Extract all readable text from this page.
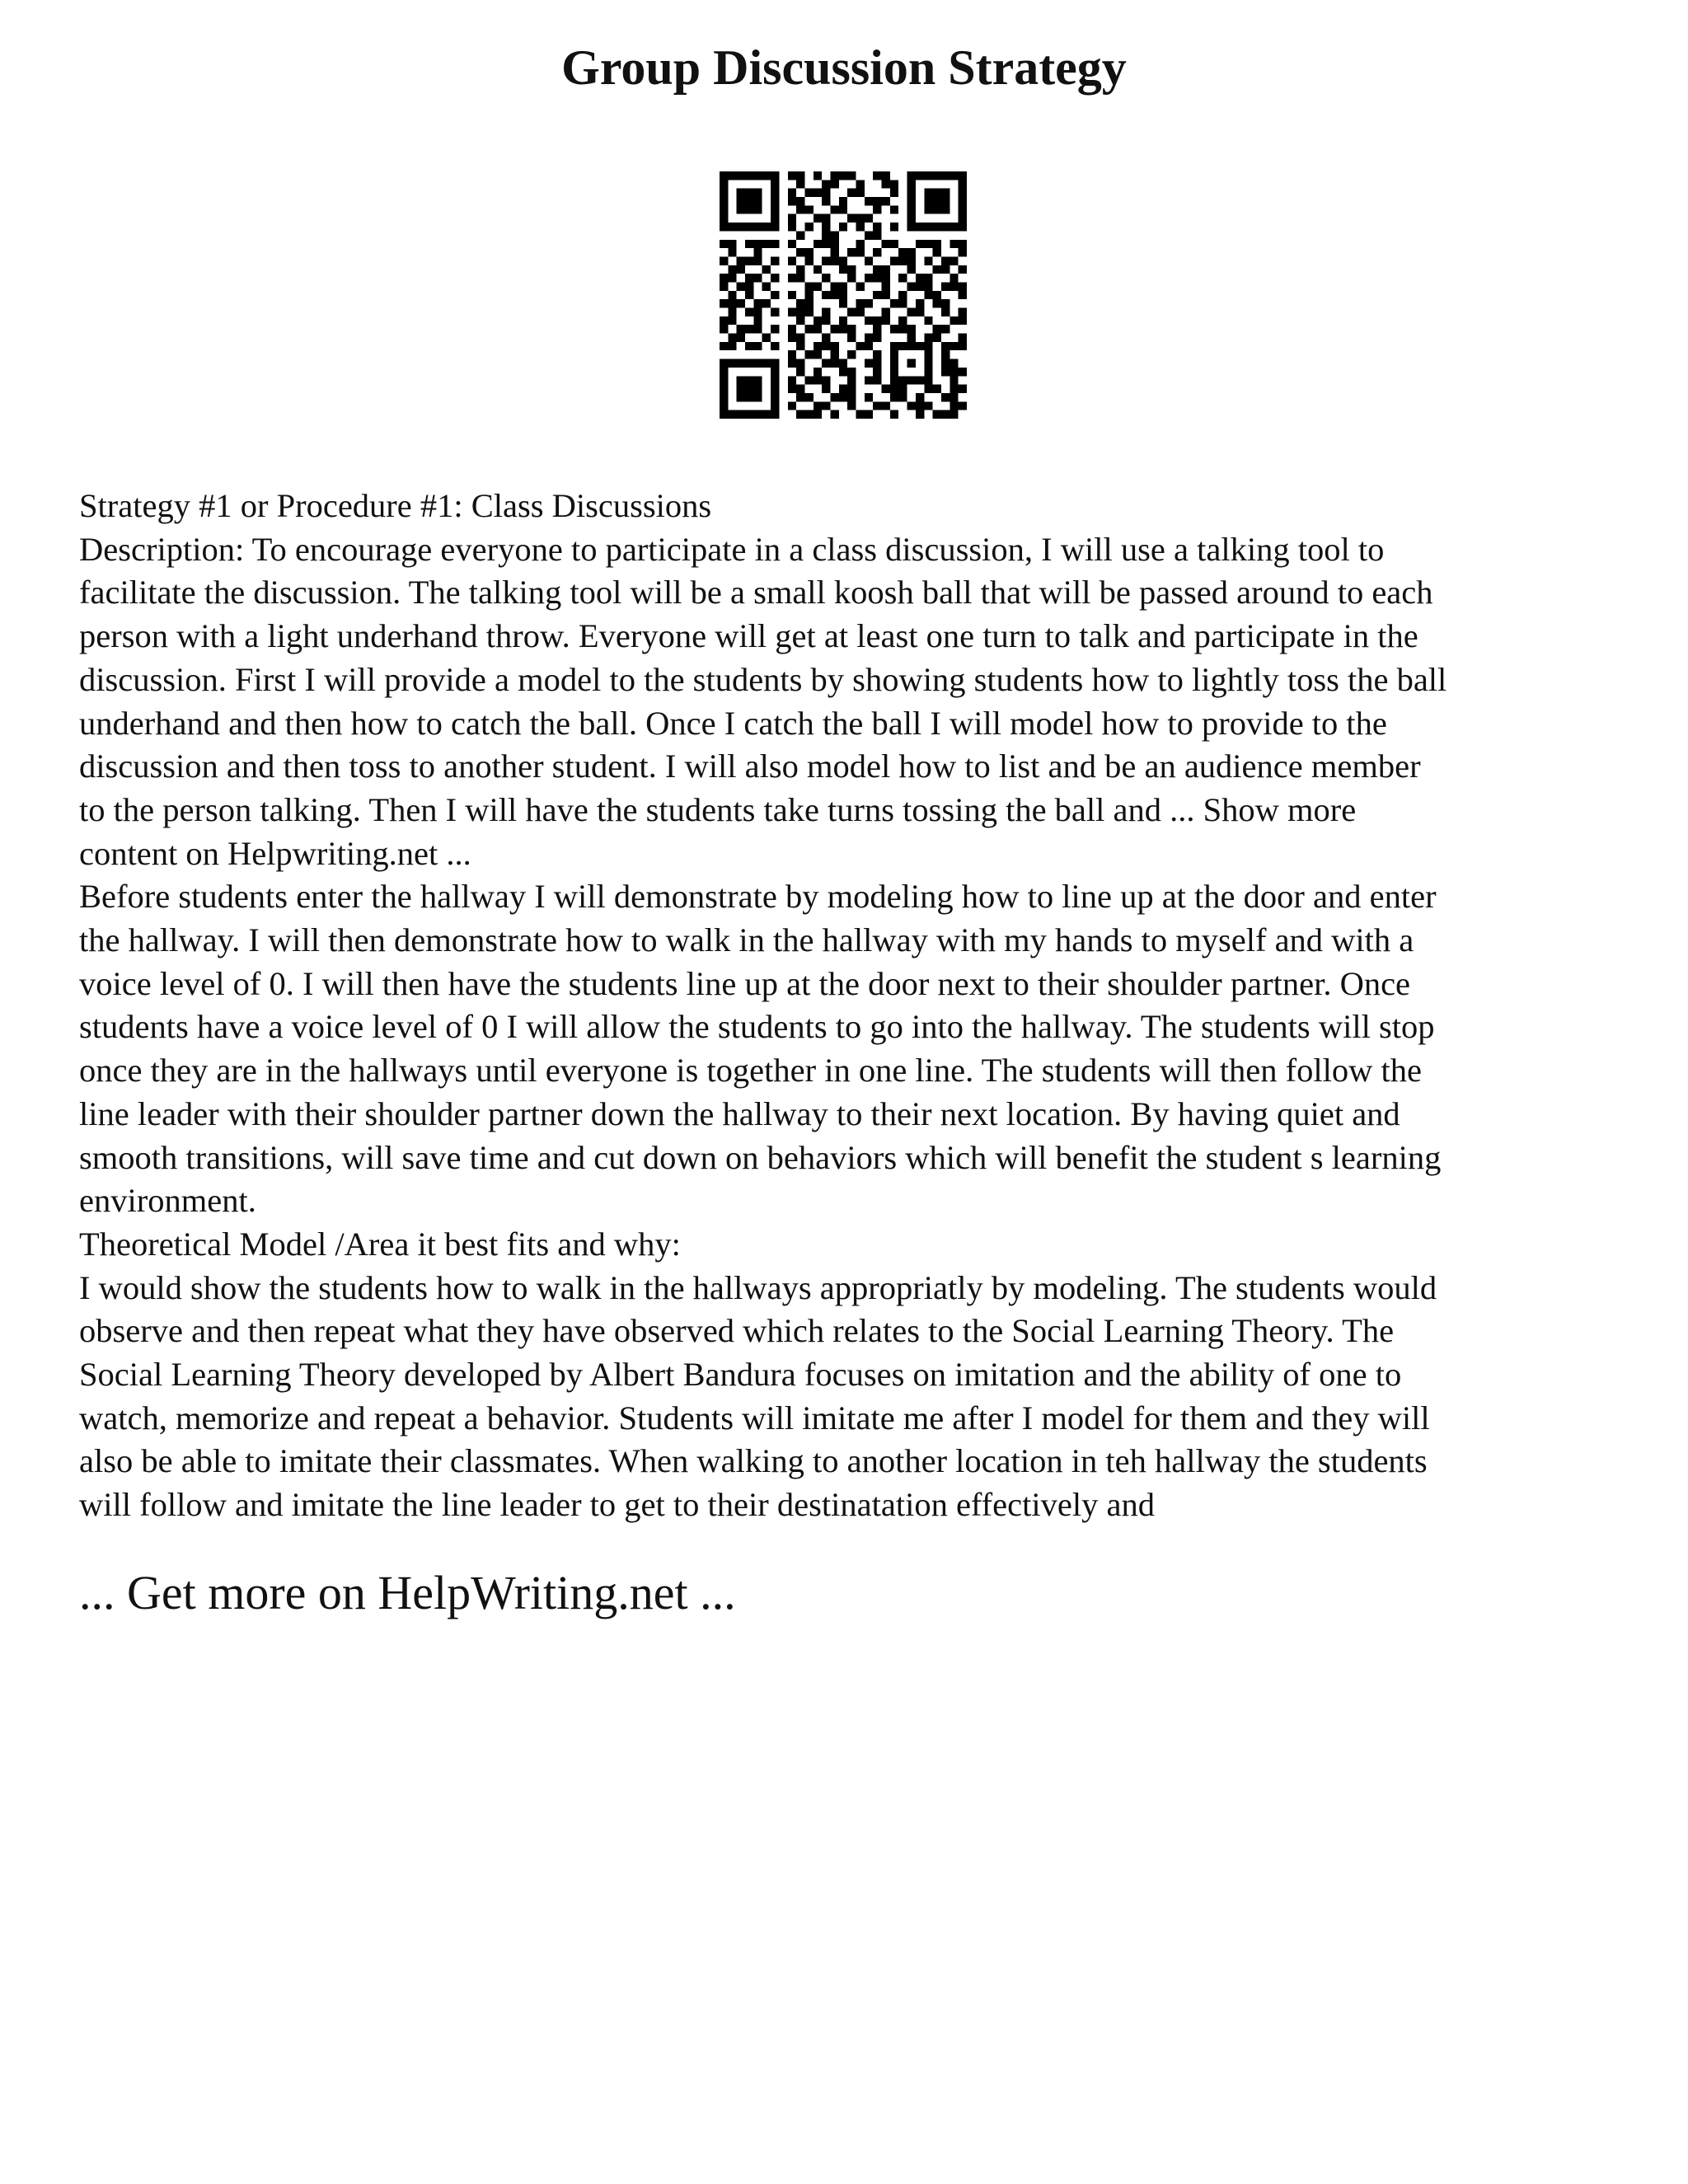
Group Discussion Strategy
Strategy #1 or Procedure #1: Class Discussions
Description: To encourage everyone to participate in a class discussion, I will use a talking tool to
facilitate the discussion. The talking tool will be a small koosh ball that will be passed around to each
person with a light underhand throw. Everyone will get at least one turn to talk and participate in the
discussion. First I will provide a model to the students by showing students how to lightly toss the ball
underhand and then how to catch the ball. Once I catch the ball I will model how to provide to the
discussion and then toss to another student. I will also model how to list and be an audience member
to the person talking. Then I will have the students take turns tossing the ball and ... Show more
content on Helpwriting.net ...
Before students enter the hallway I will demonstrate by modeling how to line up at the door and enter
the hallway. I will then demonstrate how to walk in the hallway with my hands to myself and with a
voice level of 0. I will then have the students line up at the door next to their shoulder partner. Once
students have a voice level of 0 I will allow the students to go into the hallway. The students will stop
once they are in the hallways until everyone is together in one line. The students will then follow the
line leader with their shoulder partner down the hallway to their next location. By having quiet and
smooth transitions, will save time and cut down on behaviors which will benefit the student s learning
environment.
Theoretical Model /Area it best fits and why:
I would show the students how to walk in the hallways appropriatly by modeling. The students would
observe and then repeat what they have observed which relates to the Social Learning Theory. The
Social Learning Theory developed by Albert Bandura focuses on imitation and the ability of one to
watch, memorize and repeat a behavior. Students will imitate me after I model for them and they will
also be able to imitate their classmates. When walking to another location in teh hallway the students
will follow and imitate the line leader to get to their destinatation effectively and
... Get more on HelpWriting.net ...
